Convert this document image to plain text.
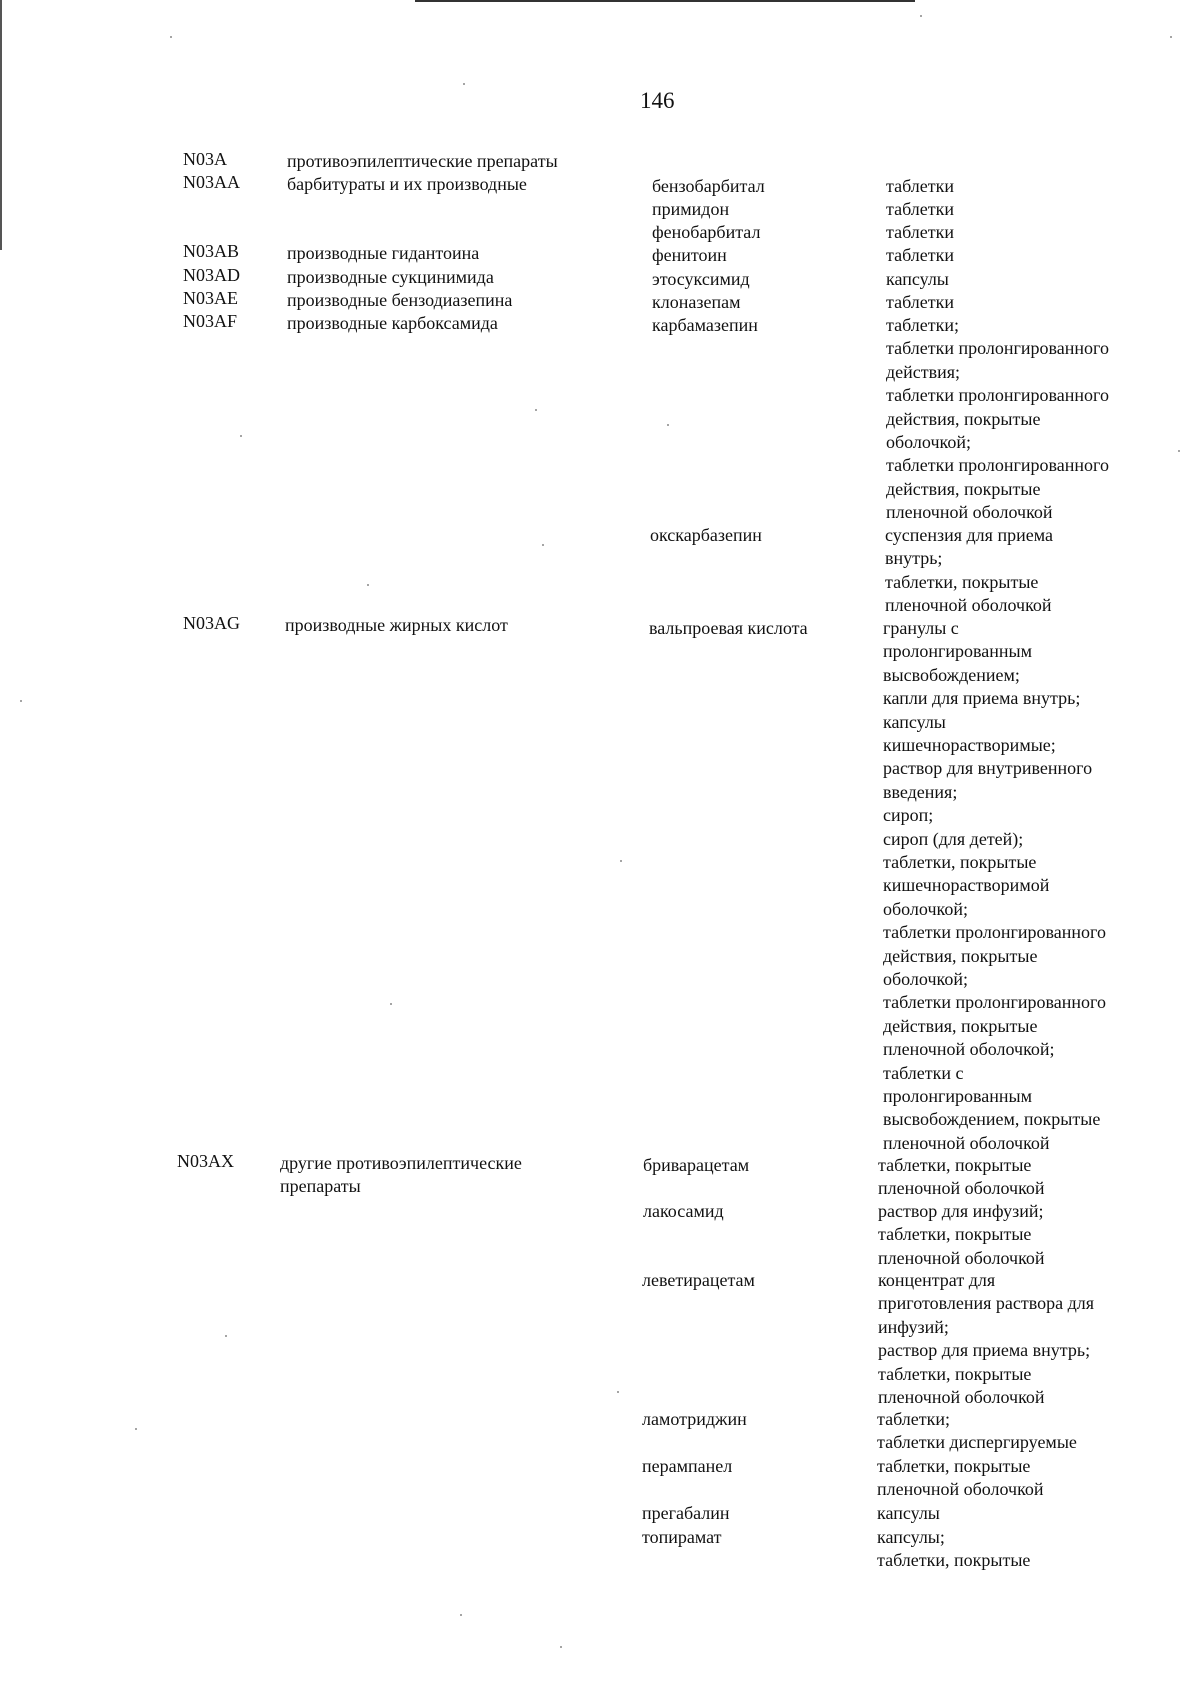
146
N03A
N03AA
N03AB
N03AD
N03AE
N03AF
N03AG
N03AX
противоэпилептические препараты
барбитураты и их производные
производные гидантоина
производные сукцинимида
производные бензодиазепина
производные карбоксамида
производные жирных кислот
другие противоэпилептические
препараты
бензобарбитал
примидон
фенобарбитал
фенитоин
этосуксимид
клоназепам
карбамазепин
окскарбазепин
вальпроевая кислота
бриварацетам
лакосамид
леветирацетам
ламотриджин
перампанел
прегабалин
топирамат
таблетки
таблетки
таблетки
таблетки
капсулы
таблетки
таблетки;
таблетки пролонгированного
действия;
таблетки пролонгированного
действия, покрытые
оболочкой;
таблетки пролонгированного
действия, покрытые
пленочной оболочкой
суспензия для приема
внутрь;
таблетки, покрытые
пленочной оболочкой
гранулы с
пролонгированным
высвобождением;
капли для приема внутрь;
капсулы
кишечнорастворимые;
раствор для внутривенного
введения;
сироп;
сироп (для детей);
таблетки, покрытые
кишечнорастворимой
оболочкой;
таблетки пролонгированного
действия, покрытые
оболочкой;
таблетки пролонгированного
действия, покрытые
пленочной оболочкой;
таблетки с
пролонгированным
высвобождением, покрытые
пленочной оболочкой
таблетки, покрытые
пленочной оболочкой
раствор для инфузий;
таблетки, покрытые
пленочной оболочкой
концентрат для
приготовления раствора для
инфузий;
раствор для приема внутрь;
таблетки, покрытые
пленочной оболочкой
таблетки;
таблетки диспергируемые
таблетки, покрытые
пленочной оболочкой
капсулы
капсулы;
таблетки, покрытые
